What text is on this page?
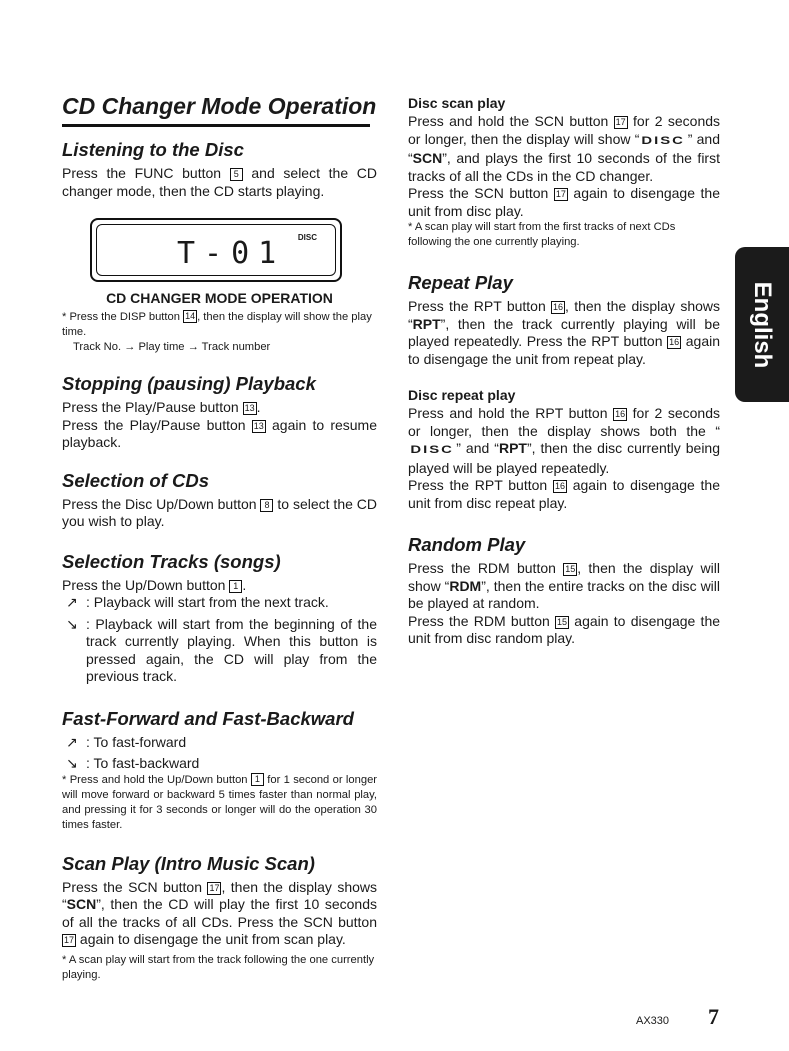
CD Changer Mode Operation
Listening to the Disc

Press the FUNC button 5 and select the CD changer mode, then the CD starts playing.

DISC
T-01
CD CHANGER MODE OPERATION

* Press the DISP button 14 , then the display will show the play time.

Track No. → Play time → Track number

Stopping (pausing) Playback

Press the Play/Pause button 13 .

Press the Play/Pause button 13 again to resume playback.

Selection of CDs

Press the Disc Up/Down button 8 to select the CD you wish to play.

Selection Tracks (songs)

Press the Up/Down button 1 .

↗ : Playback will start from the next track.
↘ : Playback will start from the beginning of the track currently playing. When this button is pressed again, the CD will play from the previous track.
Fast-Forward and Fast-Backward
↗ : To fast-forward
↘ : To fast-backward

* Press and hold the Up/Down button 1 for 1 second or longer will move forward or backward 5 times faster than normal play, and pressing it for 3 seconds or longer will do the operation 30 times faster.

Scan Play (Intro Music Scan)

Press the SCN button 17 , then the display shows “SCN”, then the CD will play the first 10 seconds of all the tracks of all CDs. Press the SCN button 17 again to disengage the unit from scan play.

* A scan play will start from the track following the one currently playing.

Disc scan play

Press and hold the SCN button 17 for 2 seconds or longer, then the display will show “ DISC ” and “SCN”, and plays the first 10 seconds of the first tracks of all the CDs in the CD changer.

Press the SCN button 17 again to disengage the unit from disc play.

* A scan play will start from the first tracks of next CDs following the one currently playing.

Repeat Play

Press the RPT button 16 , then the display shows “RPT”, then the track currently playing will be played repeatedly. Press the RPT button 16 again to disengage the unit from repeat play.

Disc repeat play

Press and hold the RPT button 16 for 2 seconds or longer, then the display shows both the “DISC ” and “RPT”, then the disc currently being played will be played repeatedly.

Press the RPT button 16 again to disengage the unit from disc repeat play.

Random Play

Press the RDM button 15 , then the display will show “RDM”, then the entire tracks on the disc will be played at random.

Press the RDM button 15 again to disengage the unit from disc random play.

English
AX330 7
